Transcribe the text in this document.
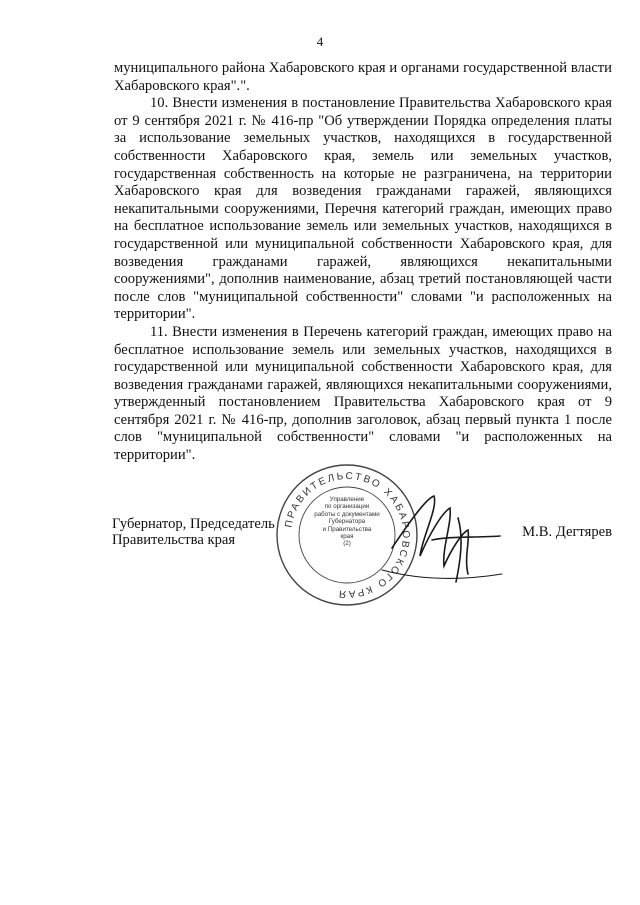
4

муниципального района Хабаровского края и органами государственной власти Хабаровского края".".

10. Внести изменения в постановление Правительства Хабаровского края от 9 сентября 2021 г. № 416-пр "Об утверждении Порядка определения платы за использование земельных участков, находящихся в государственной собственности Хабаровского края, земель или земельных участков, государственная собственность на которые не разграничена, на территории Хабаровского края для возведения гражданами гаражей, являющихся некапитальными сооружениями, Перечня категорий граждан, имеющих право на бесплатное использование земель или земельных участков, находящихся в государственной или муниципальной собственности Хабаровского края, для возведения гражданами гаражей, являющихся некапитальными сооружениями", дополнив наименование, абзац третий постановляющей части после слов "муниципальной собственности" словами "и расположенных на территории".

11. Внести изменения в Перечень категорий граждан, имеющих право на бесплатное использование земель или земельных участков, находящихся в государственной или муниципальной собственности Хабаровского края, для возведения гражданами гаражей, являющихся некапитальными сооружениями, утвержденный постановлением Правительства Хабаровского края от 9 сентября 2021 г. № 416-пр, дополнив заголовок, абзац первый пункта 1 после слов "муниципальной собственности" словами "и расположенных на территории".

Губернатор, Председатель
Правительства края
ПРАВИТЕЛЬСТВО ХАБАРОВСКОГО КРАЯ
Управление
по организации
работы с документами
Губернатора
и Правительства
края
(2)
М.В. Дегтярев
